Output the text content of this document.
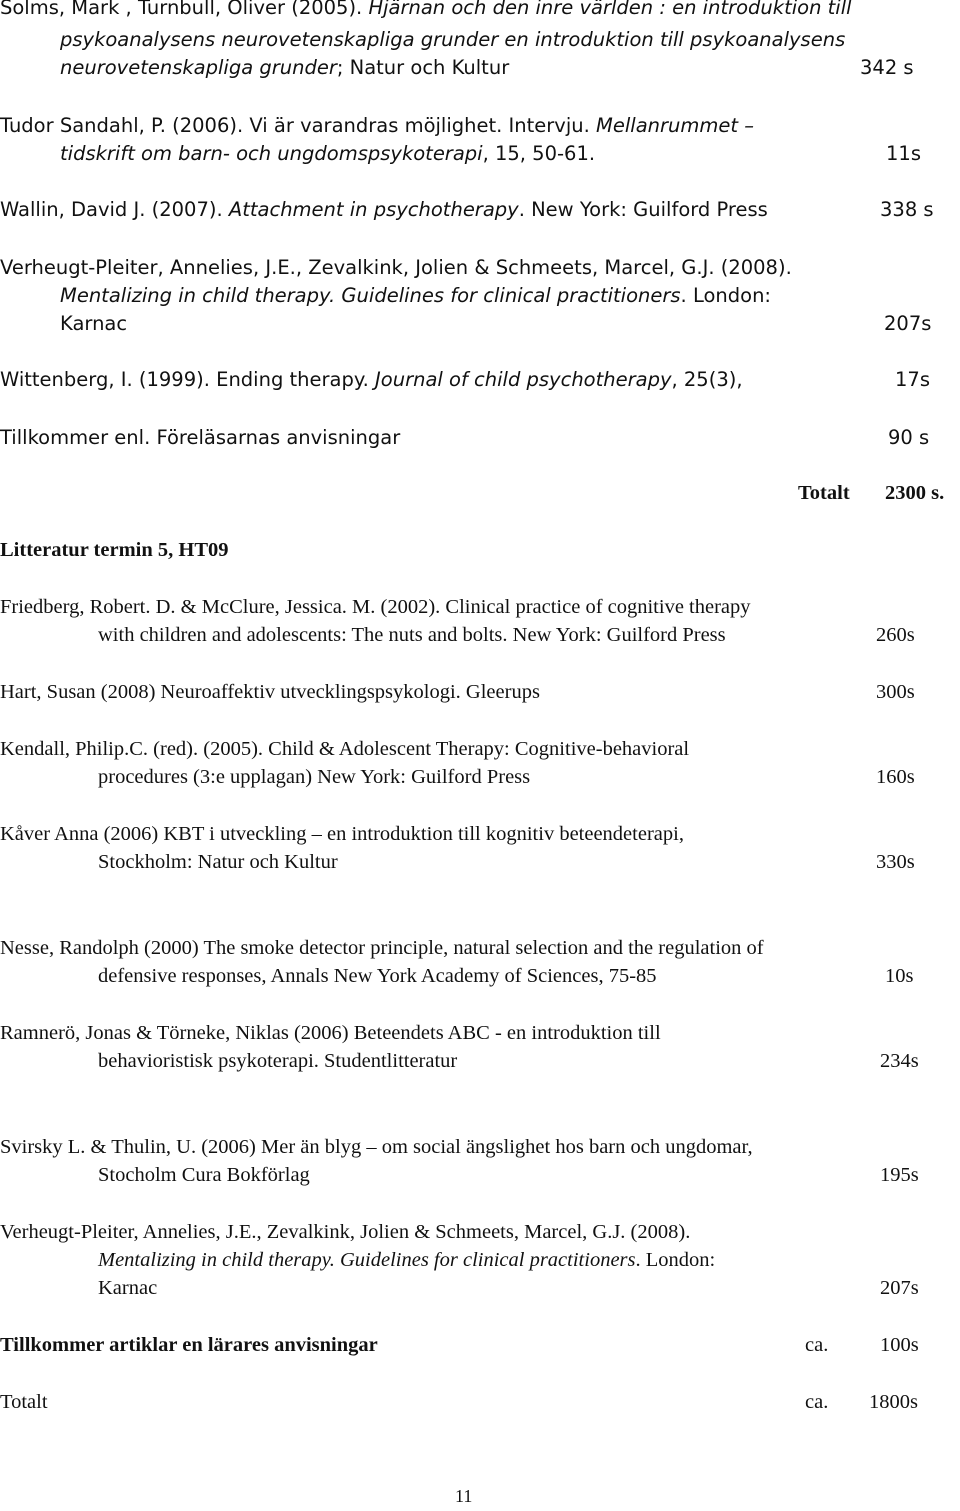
Solms, Mark , Turnbull, Oliver (2005). Hjärnan och den inre världen : en introduktion till
psykoanalysens neurovetenskapliga grunder en introduktion till psykoanalysens
neurovetenskapliga grunder; Natur och Kultur	342 s
Tudor Sandahl, P. (2006). Vi är varandras möjlighet. Intervju. Mellanrummet –
tidskrift om barn- och ungdomspsykoterapi, 15, 50-61.	11s
Wallin, David J. (2007). Attachment in psychotherapy. New York: Guilford Press	338 s
Verheugt-Pleiter, Annelies, J.E., Zevalkink, Jolien & Schmeets, Marcel, G.J. (2008).
Mentalizing in child therapy. Guidelines for clinical practitioners. London:
Karnac	207s
Wittenberg, I. (1999). Ending therapy. Journal of child psychotherapy, 25(3),	17s
Tillkommer enl. Föreläsarnas anvisningar	90 s
Totalt 2300 s.
Litteratur termin 5, HT09
Friedberg, Robert. D. & McClure, Jessica. M. (2002). Clinical practice of cognitive therapy
with children and adolescents: The nuts and bolts. New York: Guilford Press	260s
Hart, Susan (2008) Neuroaffektiv utvecklingspsykologi. Gleerups	300s
Kendall, Philip.C. (red). (2005). Child & Adolescent Therapy: Cognitive-behavioral
procedures (3:e upplagan) New York: Guilford Press	160s
Kåver Anna (2006) KBT i utveckling – en introduktion till kognitiv beteendeterapi,
Stockholm: Natur och Kultur	330s
Nesse, Randolph (2000) The smoke detector principle, natural selection and the regulation of
defensive responses, Annals New York Academy of Sciences, 75-85	10s
Ramnerö, Jonas & Törneke, Niklas (2006) Beteendets ABC - en introduktion till
behavioristisk psykoterapi. Studentlitteratur	234s
Svirsky L. & Thulin, U. (2006) Mer än blyg – om social ängslighet hos barn och ungdomar,
Stocholm Cura Bokförlag	195s
Verheugt-Pleiter, Annelies, J.E., Zevalkink, Jolien & Schmeets, Marcel, G.J. (2008).
Mentalizing in child therapy. Guidelines for clinical practitioners. London:
Karnac	207s
Tillkommer artiklar en lärares anvisningar	ca.	100s
Totalt	ca. 1800s
11
